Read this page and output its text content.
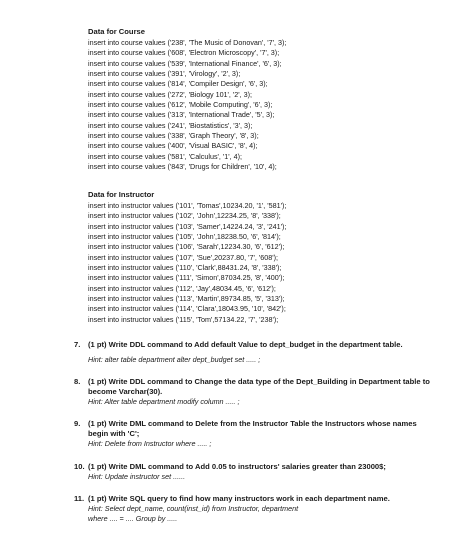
Data for Course
insert into course values ('238', 'The Music of Donovan', '7', 3);
insert into course values ('608', 'Electron Microscopy', '7', 3);
insert into course values ('539', 'International Finance', '6', 3);
insert into course values ('391', 'Virology', '2', 3);
insert into course values ('814', 'Compiler Design', '6', 3);
insert into course values ('272', 'Biology 101', '2', 3);
insert into course values ('612', 'Mobile Computing', '6', 3);
insert into course values ('313', 'International Trade', '5', 3);
insert into course values ('241', 'Biostatistics', '3', 3);
insert into course values ('338', 'Graph Theory', '8', 3);
insert into course values ('400', 'Visual BASIC', '8', 4);
insert into course values ('581', 'Calculus', '1', 4);
insert into course values ('843', 'Drugs for Children', '10', 4);
Data for Instructor
insert into instructor values ('101', 'Tomas',10234.20, '1', '581');
insert into instructor values ('102', 'John',12234.25, '8', '338');
insert into instructor values ('103', 'Samer',14224.24, '3', '241');
insert into instructor values ('105', 'John',18238.50, '6', '814');
insert into instructor values ('106', 'Sarah',12234.30, '6', '612');
insert into instructor values ('107', 'Sue',20237.80, '7', '608');
insert into instructor values ('110', 'Clark',88431.24, '8', '338');
insert into instructor values ('111', 'Simon',87034.25, '8', '400');
insert into instructor values ('112', 'Jay',48034.45, '6', '612');
insert into instructor values ('113', 'Martin',89734.85, '5', '313');
insert into instructor values ('114', 'Clara',18043.95, '10', '842');
insert into instructor values ('115', 'Tom',57134.22, '7', '238');
7.	(1 pt) Write DDL command to Add default Value to dept_budget in the department table.

Hint: alter table department alter dept_budget set ..... ;

8.	(1 pt) Write DDL command to Change the data type of the Dept_Building in Department table to become Varchar(30).

Hint: Alter table department modify column ..... ;

9.	(1 pt) Write DML command to Delete from the Instructor Table the Instructors whose names begin with 'C';

Hint: Delete from Instructor where ..... ;

10. (1 pt) Write DML command to Add 0.05 to instructors' salaries greater than 23000$;

Hint: Update instructor set ......

11. (1 pt) Write SQL query to find how many instructors work in each department name.

Hint: Select dept_name, count(inst_id) from Instructor, department

where .... = .... Group by .....
